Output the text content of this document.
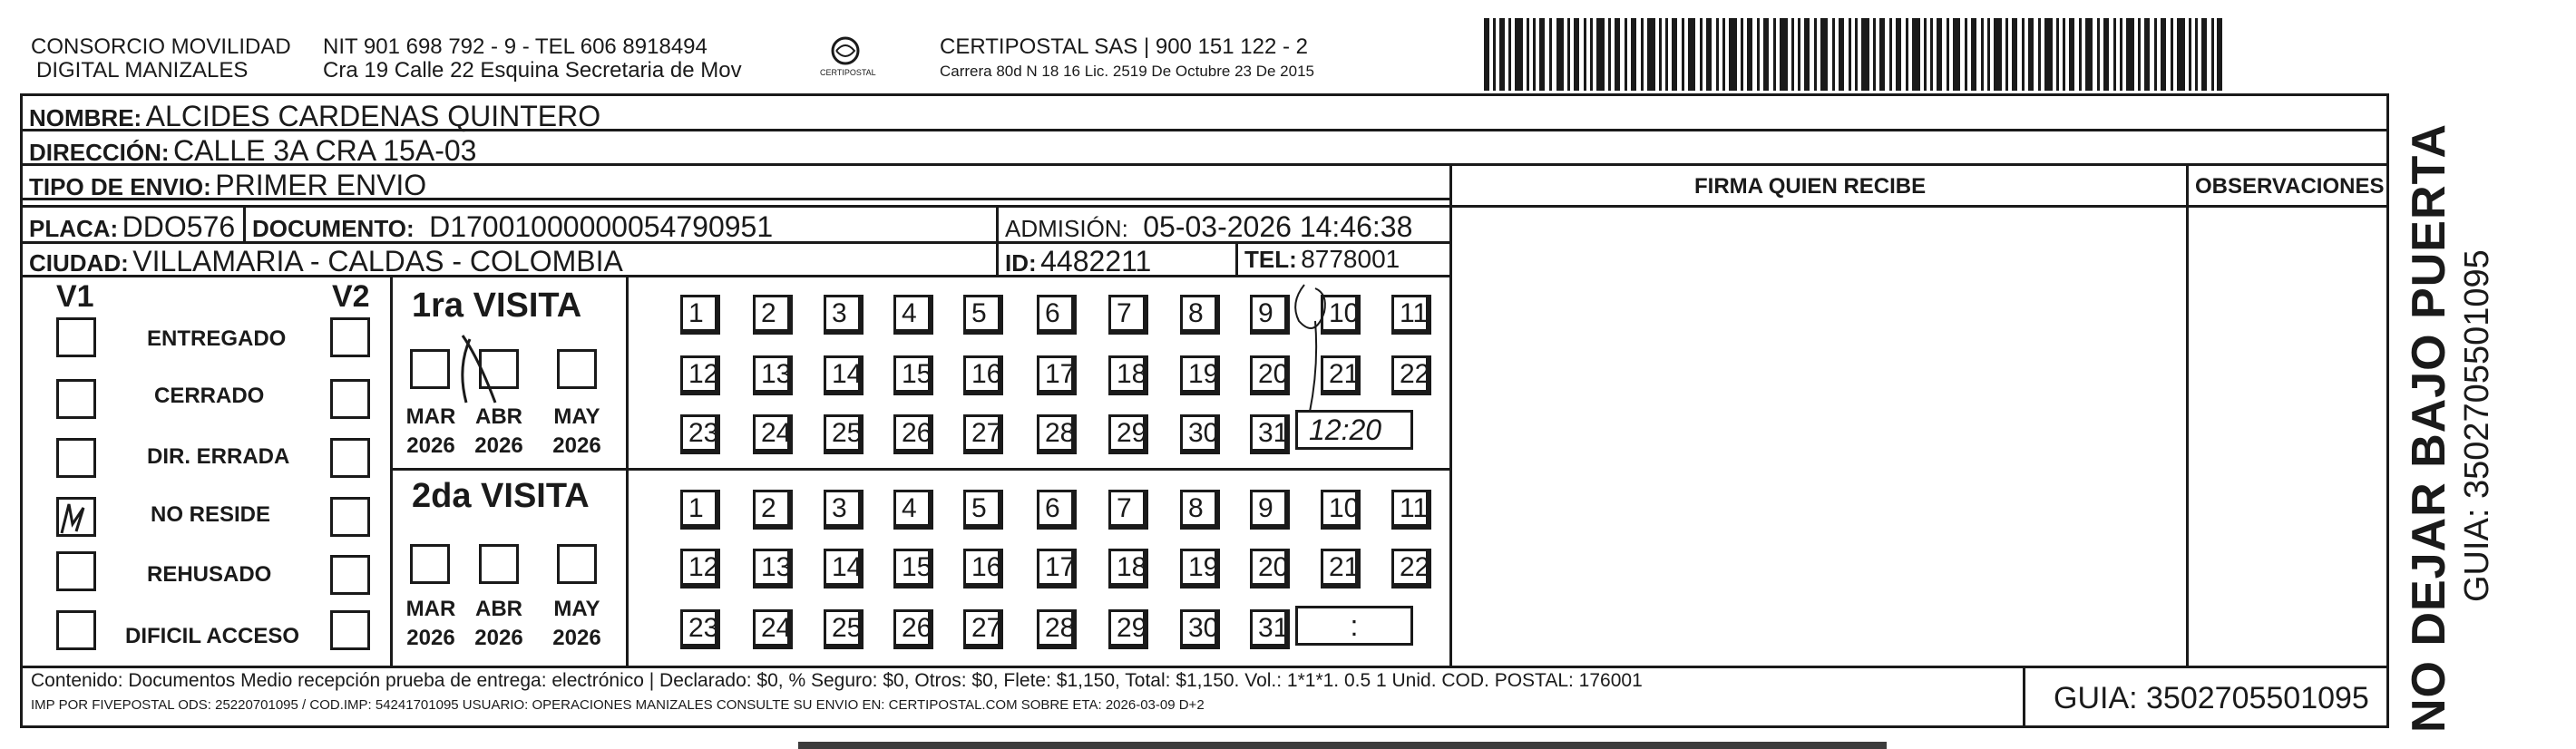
CONSORCIO MOVILIDAD
DIGITAL MANIZALES
NIT 901 698 792 - 9 - TEL 606 8918494
Cra 19 Calle 22 Esquina Secretaria de Mov	CERTIPOSTAL
CERTIPOSTAL SAS | 900 151 122 - 2
Carrera 80d N 18 16 Lic. 2519 De Octubre 23 De 2015
NOMBRE: ALCIDES CARDENAS QUINTERO
DIRECCIÓN: CALLE 3A CRA 15A-03
TIPO DE ENVIO: PRIMER ENVIO	FIRMA QUIEN RECIBE	OBSERVACIONES
PLACA: DDO576 DOCUMENTO: D17001000000054790951	ADMISIÓN: 05-03-2026 14:46:38
CIUDAD: VILLAMARIA - CALDAS - COLOMBIA	ID: 4482211	TEL: 8778001
V1	V2
ENTREGADO
CERRADO
DIR. ERRADA
NO RESIDE
REHUSADO
DIFICIL ACCESO
1ra VISITA
MAR ABR	MAY
2026 2026	2026
2da VISITA
MAR ABR	MAY
2026 2026	2026
1	2	3	4	5	6	7	8	9	10	11
12	13	14	15	16	17	18	19	20	21	22
23	24	25	26	27	28	29	30	31
1	2	3	4	5	6	7	8	9	10	11
12	13	14	15	16	17	18	19	20	21	22
23	24	25	26	27	28	29	30	31
12:20
:
Contenido: Documentos Medio recepción prueba de entrega: electrónico | Declarado: $0, % Seguro: $0, Otros: $0, Flete: $1,150, Total: $1,150. Vol.: 1*1*1. 0.5 1 Unid. COD. POSTAL: 176001
IMP POR FIVEPOSTAL ODS: 25220701095 / COD.IMP: 54241701095 USUARIO: OPERACIONES MANIZALES CONSULTE SU ENVIO EN: CERTIPOSTAL.COM SOBRE ETA: 2026-03-09 D+2	GUIA: 3502705501095 NO DEJAR BAJO PUERTA GUIA: 3502705501095
